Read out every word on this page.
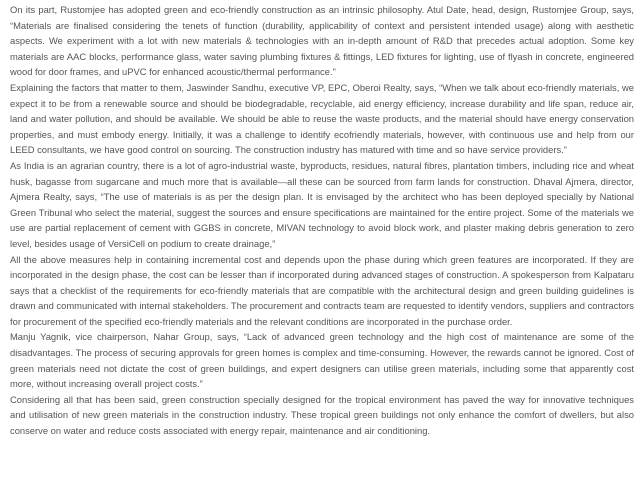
On its part, Rustomjee has adopted green and eco-friendly construction as an intrinsic philosophy. Atul Date, head, design, Rustomjee Group, says, “Materials are finalised considering the tenets of function (durability, applicability of context and persistent intended usage) along with aesthetic aspects. We experiment with a lot with new materials & technologies with an in-depth amount of R&D that precedes actual adoption. Some key materials are AAC blocks, performance glass, water saving plumbing fixtures & fittings, LED fixtures for lighting, use of flyash in concrete, engineered wood for door frames, and uPVC for enhanced acoustic/thermal performance.”

Explaining the factors that matter to them, Jaswinder Sandhu, executive VP, EPC, Oberoi Realty, says, “When we talk about eco-friendly materials, we expect it to be from a renewable source and should be biodegradable, recyclable, aid energy efficiency, increase durability and life span, reduce air, land and water pollution, and should be available. We should be able to reuse the waste products, and the material should have energy conservation properties, and must embody energy. Initially, it was a challenge to identify ecofriendly materials, however, with continuous use and help from our LEED consultants, we have good control on sourcing. The construction industry has matured with time and so have service providers.”

As India is an agrarian country, there is a lot of agro-industrial waste, byproducts, residues, natural fibres, plantation timbers, including rice and wheat husk, bagasse from sugarcane and much more that is available—all these can be sourced from farm lands for construction. Dhaval Ajmera, director, Ajmera Realty, says, “The use of materials is as per the design plan. It is envisaged by the architect who has been deployed specially by National Green Tribunal who select the material, suggest the sources and ensure specifications are maintained for the entire project. Some of the materials we use are partial replacement of cement with GGBS in concrete, MIVAN technology to avoid block work, and plaster making debris generation to zero level, besides usage of VersiCell on podium to create drainage,”

All the above measures help in containing incremental cost and depends upon the phase during which green features are incorporated. If they are incorporated in the design phase, the cost can be lesser than if incorporated during advanced stages of construction. A spokesperson from Kalpataru says that a checklist of the requirements for eco-friendly materials that are compatible with the architectural design and green building guidelines is drawn and communicated with internal stakeholders. The procurement and contracts team are requested to identify vendors, suppliers and contractors for procurement of the specified eco-friendly materials and the relevant conditions are incorporated in the purchase order.

Manju Yagnik, vice chairperson, Nahar Group, says, “Lack of advanced green technology and the high cost of maintenance are some of the disadvantages. The process of securing approvals for green homes is complex and time-consuming. However, the rewards cannot be ignored. Cost of green materials need not dictate the cost of green buildings, and expert designers can utilise green materials, including some that apparently cost more, without increasing overall project costs.”

Considering all that has been said, green construction specially designed for the tropical environment has paved the way for innovative techniques and utilisation of new green materials in the construction industry. These tropical green buildings not only enhance the comfort of dwellers, but also conserve on water and reduce costs associated with energy repair, maintenance and air conditioning.
